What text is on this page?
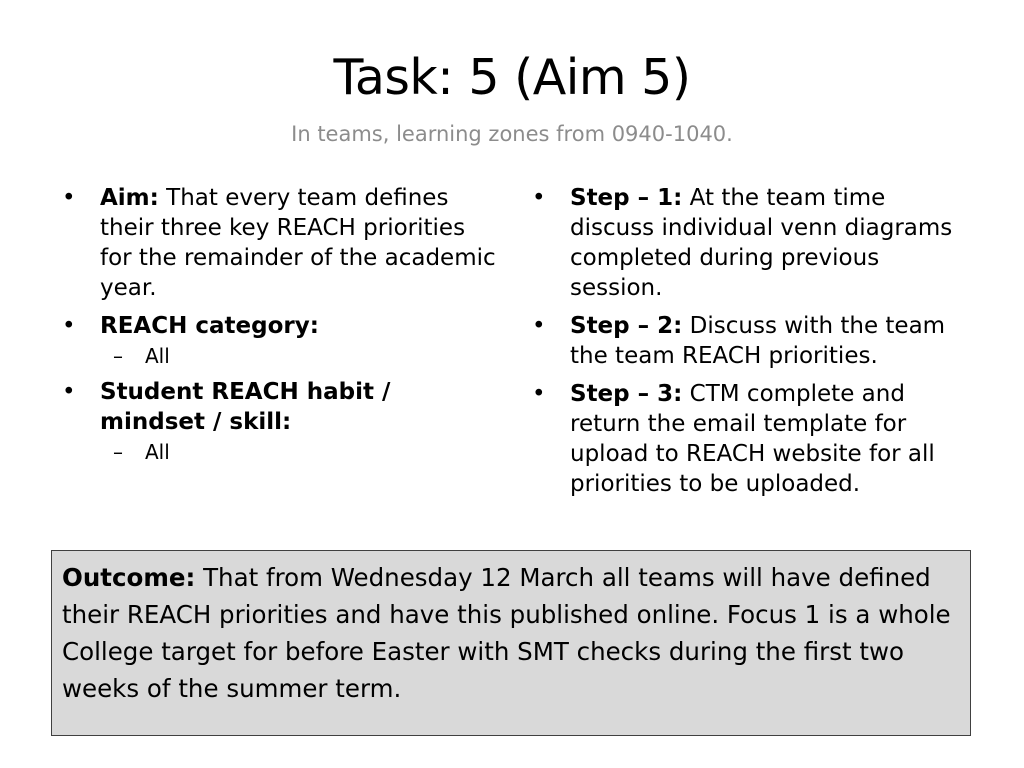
Task: 5 (Aim 5)
In teams, learning zones from 0940-1040.
• Aim: That every team defines their three key REACH priorities for the remainder of the academic year.
• REACH category:
– All
• Student REACH habit / mindset / skill:
– All
• Step – 1: At the team time discuss individual venn diagrams completed during previous session.
• Step – 2: Discuss with the team the team REACH priorities.
• Step – 3: CTM complete and return the email template for upload to REACH website for all priorities to be uploaded.
Outcome: That from Wednesday 12 March all teams will have defined their REACH priorities and have this published online. Focus 1 is a whole College target for before Easter with SMT checks during the first two weeks of the summer term.
